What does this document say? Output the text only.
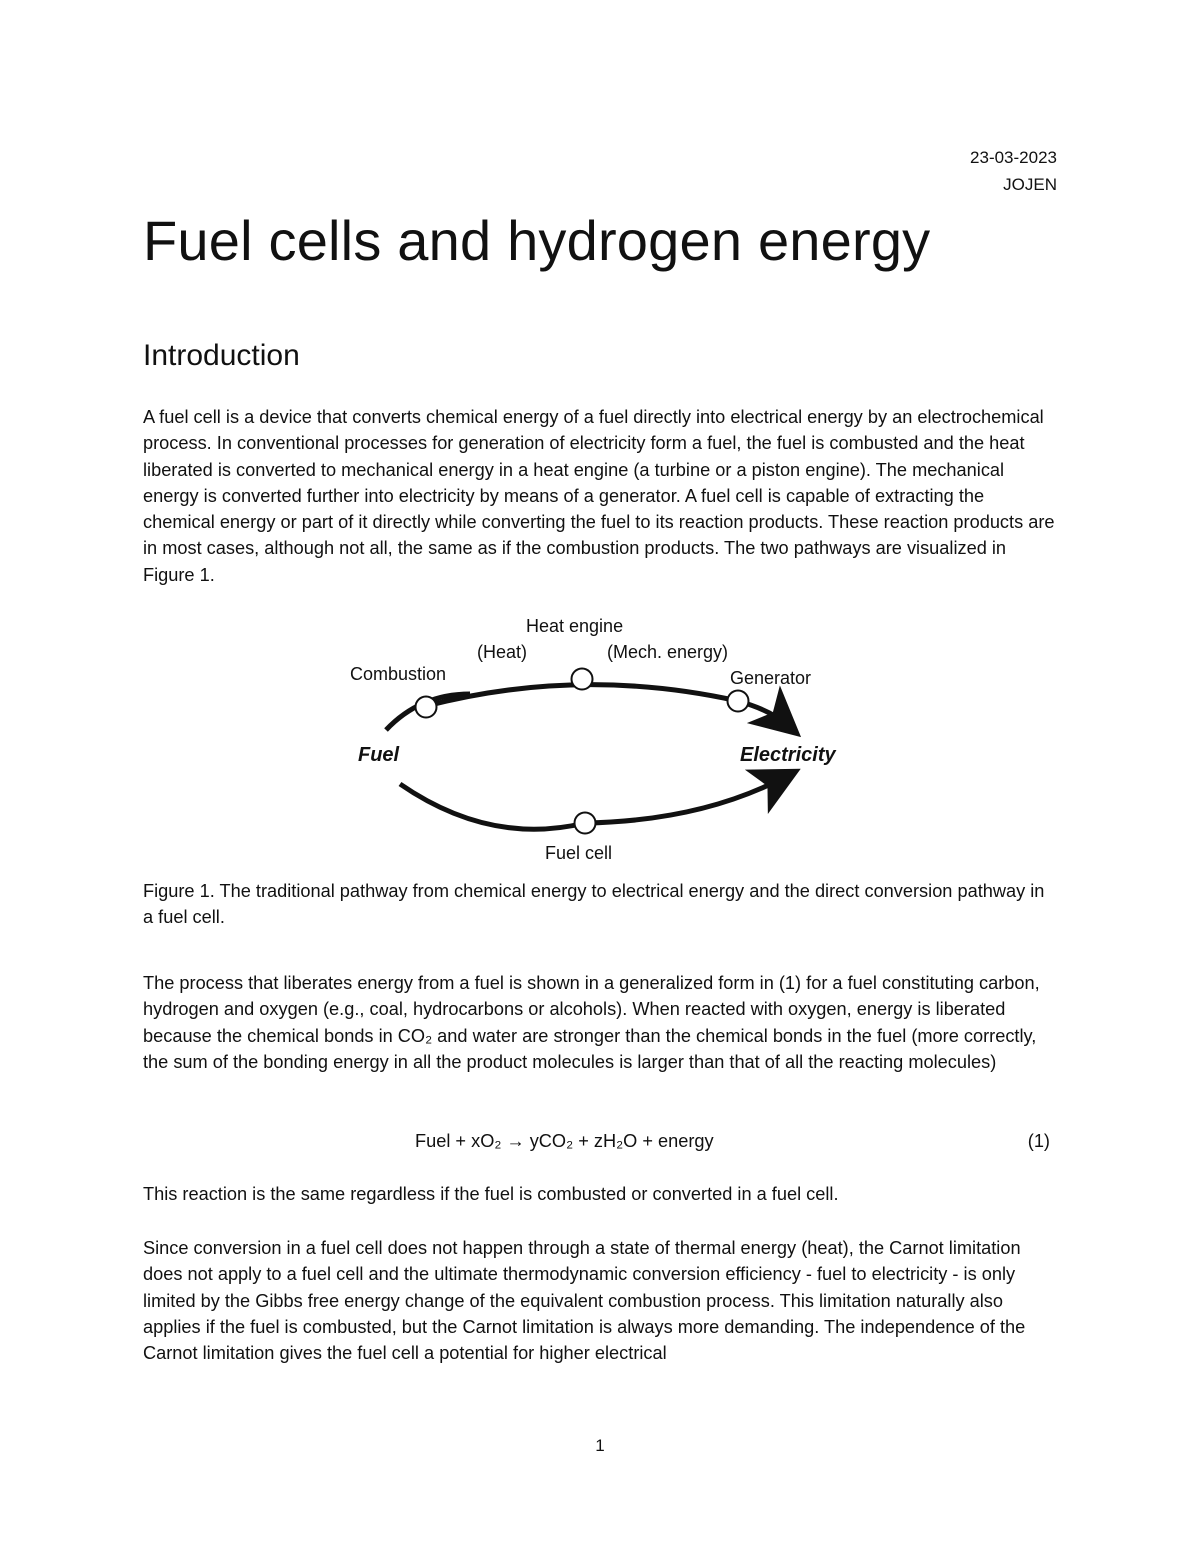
23-03-2023
JOJEN
Fuel cells and hydrogen energy
Introduction

A fuel cell is a device that converts chemical energy of a fuel directly into electrical energy by an electrochemical process. In conventional processes for generation of electricity form a fuel, the fuel is combusted and the heat liberated is converted to mechanical energy in a heat engine (a turbine or a piston engine). The mechanical energy is converted further into electricity by means of a generator. A fuel cell is capable of extracting the chemical energy or part of it directly while converting the fuel to its reaction products. These reaction products are in most cases, although not all, the same as if the combustion products. The two pathways are visualized in Figure 1.

Heat engine
(Heat)	(Mech. energy)
Combustion	Generator
Fuel	Electricity
Fuel cell

Figure 1. The traditional pathway from chemical energy to electrical energy and the direct conversion pathway in a fuel cell.

The process that liberates energy from a fuel is shown in a generalized form in (1) for a fuel constituting carbon, hydrogen and oxygen (e.g., coal, hydrocarbons or alcohols). When reacted with oxygen, energy is liberated because the chemical bonds in CO₂ and water are stronger than the chemical bonds in the fuel (more correctly, the sum of the bonding energy in all the product molecules is larger than that of all the reacting molecules)

Fuel + xO₂ → yCO₂ + zH₂O + energy	(1)

This reaction is the same regardless if the fuel is combusted or converted in a fuel cell.

Since conversion in a fuel cell does not happen through a state of thermal energy (heat), the Carnot limitation does not apply to a fuel cell and the ultimate thermodynamic conversion efficiency - fuel to electricity - is only limited by the Gibbs free energy change of the equivalent combustion process. This limitation naturally also applies if the fuel is combusted, but the Carnot limitation is always more demanding. The independence of the Carnot limitation gives the fuel cell a potential for higher electrical

1
